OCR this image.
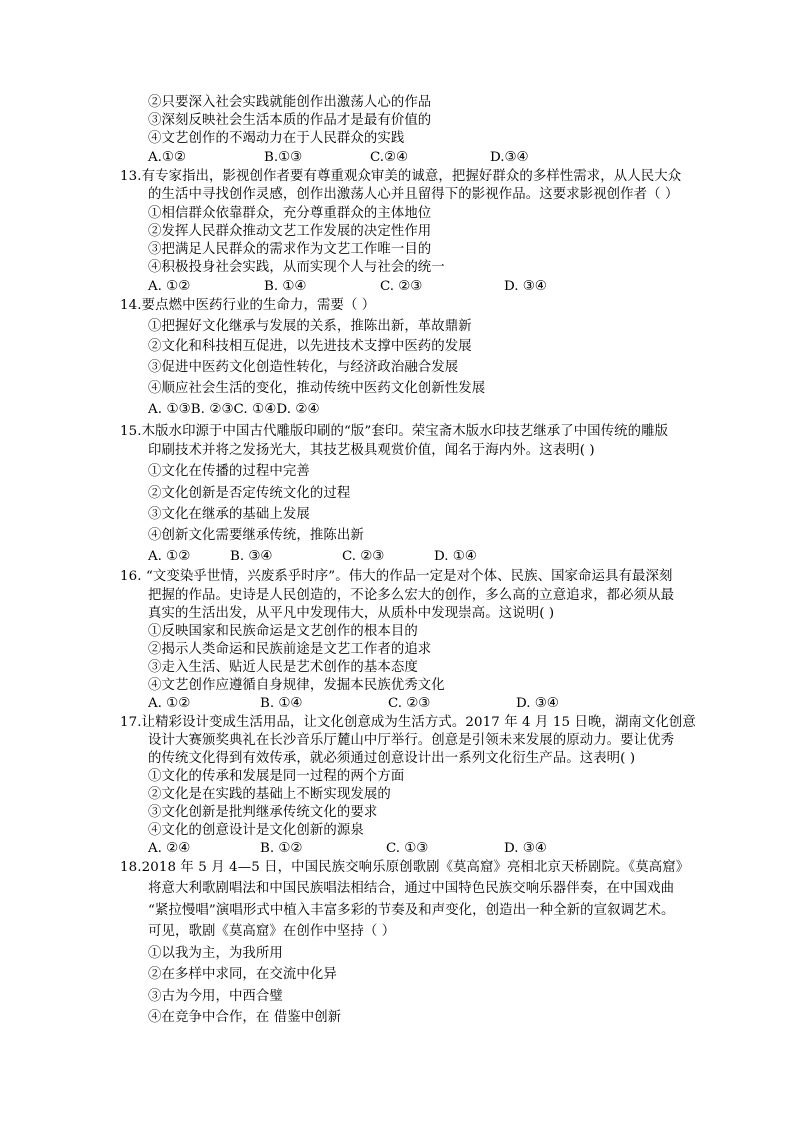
②只要深入社会实践就能创作出激荡人心的作品
③深刻反映社会生活本质的作品才是最有价值的
④文艺创作的不竭动力在于人民群众的实践
A.①②	B.①③	C.②④	D.③④
13.有专家指出，影视创作者要有尊重观众审美的诚意，把握好群众的多样性需求，从人民大众
的生活中寻找创作灵感，创作出激荡人心并且留得下的影视作品。这要求影视创作者（ ）
①相信群众依靠群众，充分尊重群众的主体地位
②发挥人民群众推动文艺工作发展的决定性作用
③把满足人民群众的需求作为文艺工作唯一目的
④积极投身社会实践，从而实现个人与社会的统一
A. ①②	B. ①④	C. ②③	D. ③④
14.要点燃中医药行业的生命力，需要（ ）
①把握好文化继承与发展的关系，推陈出新，革故鼎新
②文化和科技相互促进，以先进技术支撑中医药的发展
③促进中医药文化创造性转化，与经济政治融合发展
④顺应社会生活的变化，推动传统中医药文化创新性发展
A. ①③B. ②③C. ①④D. ②④
15.木版水印源于中国古代雕版印刷的“版”套印。荣宝斋木版水印技艺继承了中国传统的雕版
印刷技术并将之发扬光大，其技艺极具观赏价值，闻名于海内外。这表明( )
①文化在传播的过程中完善
②文化创新是否定传统文化的过程
③文化在继承的基础上发展
④创新文化需要继承传统，推陈出新
A. ①②	B. ③④	C. ②③	D. ①④
16. “文变染乎世情，兴废系乎时序”。伟大的作品一定是对个体、民族、国家命运具有最深刻
把握的作品。史诗是人民创造的，不论多么宏大的创作，多么高的立意追求，都必须从最
真实的生活出发，从平凡中发现伟大，从质朴中发现崇高。这说明( )
①反映国家和民族命运是文艺创作的根本目的
②揭示人类命运和民族前途是文艺工作者的追求
③走入生活、贴近人民是艺术创作的基本态度
④文艺创作应遵循自身规律，发掘本民族优秀文化
A. ①②	B. ①④	C. ②③	D. ③④
17.让精彩设计变成生活用品，让文化创意成为生活方式。2017 年 4 月 15 日晚，湖南文化创意
设计大赛颁奖典礼在长沙音乐厅麓山中厅举行。创意是引领未来发展的原动力。要让优秀
的传统文化得到有效传承，就必须通过创意设计出一系列文化衍生产品。这表明( )
①文化的传承和发展是同一过程的两个方面
②文化是在实践的基础上不断实现发展的
③文化创新是批判继承传统文化的要求
④文化的创意设计是文化创新的源泉
A. ②④	B. ①②	C. ①③	D. ③④
18.2018 年 5 月 4—5 日，中国民族交响乐原创歌剧《莫高窟》亮相北京天桥剧院。《莫高窟》
将意大利歌剧唱法和中国民族唱法相结合，通过中国特色民族交响乐器伴奏，在中国戏曲
“紧拉慢唱”演唱形式中植入丰富多彩的节奏及和声变化，创造出一种全新的宣叙调艺术。
可见，歌剧《莫高窟》在创作中坚持（ ）
①以我为主，为我所用
②在多样中求同，在交流中化异
③古为今用，中西合璧
④在竞争中合作，在 借鉴中创新
